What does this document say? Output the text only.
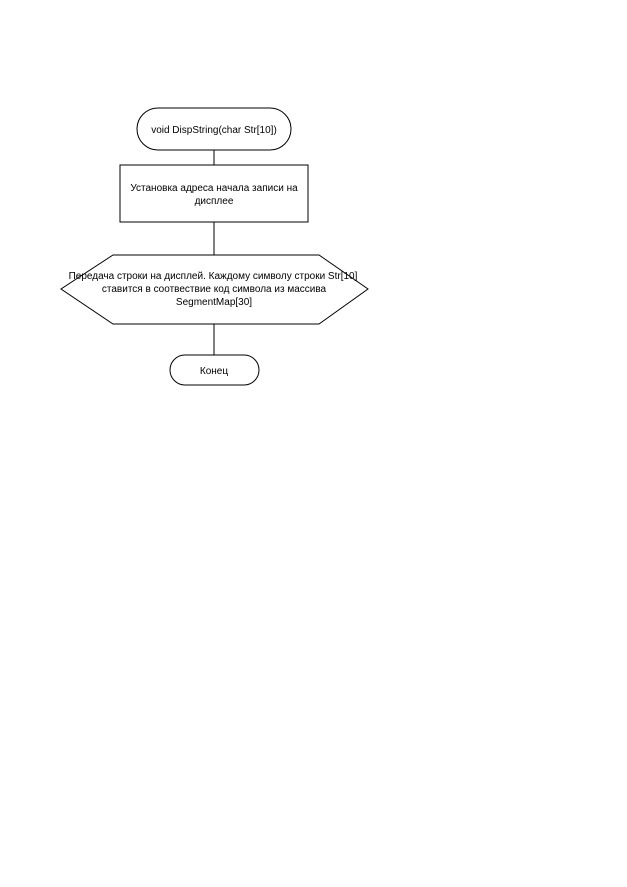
void DispString(char Str[10])
Установка адреса начала записи на
дисплее
Передача строки на дисплей. Каждому символу строки Str[10]
ставится в соотвествие код символа из массива
SegmentMap[30]
Конец
